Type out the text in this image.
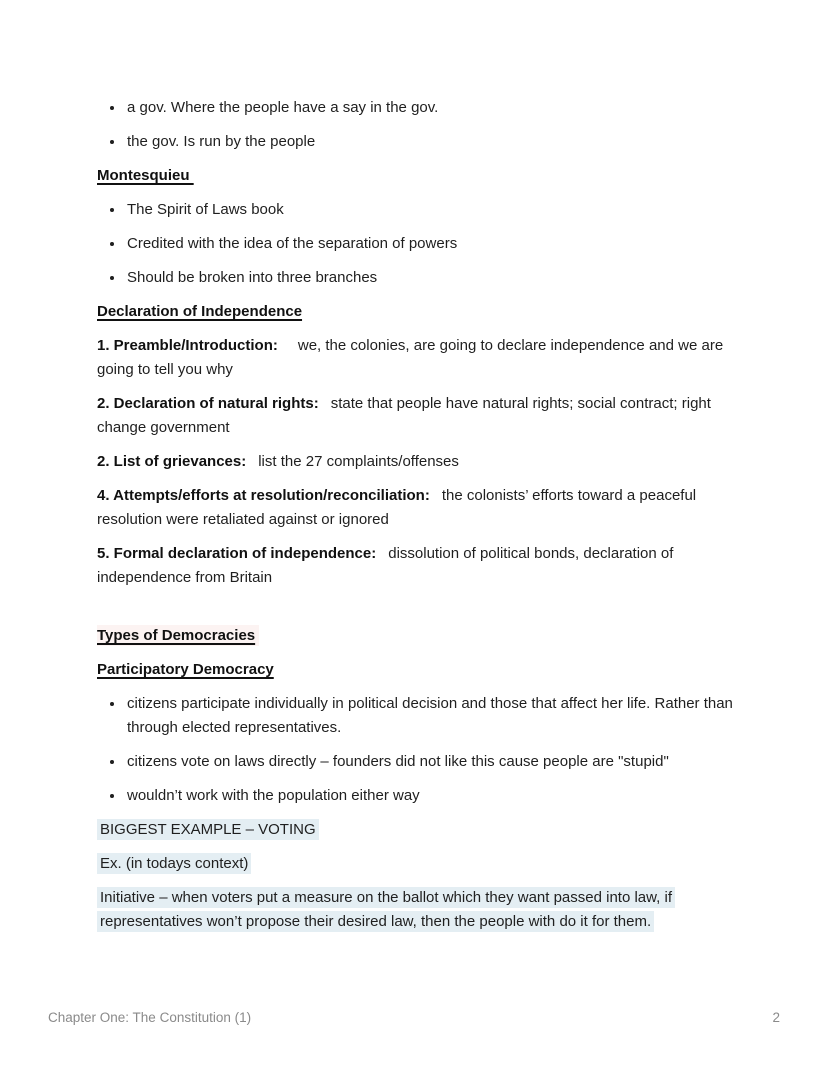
• a gov. Where the people have a say in the gov.
• the gov. Is run by the people
Montesquieu
• The Spirit of Laws book
• Credited with the idea of the separation of powers
• Should be broken into three branches
Declaration of Independence

1. Preamble/Introduction: we, the colonies, are going to declare independence and we are going to tell you why

2. Declaration of natural rights: state that people have natural rights; social contract; right change government

2. List of grievances: list the 27 complaints/offenses

4. Attempts/efforts at resolution/reconciliation: the colonists’ efforts toward a peaceful resolution were retaliated against or ignored

5. Formal declaration of independence: dissolution of political bonds, declaration of independence from Britain

Types of Democracies
Participatory Democracy
• citizens participate individually in political decision and those that affect her life. Rather than through elected representatives.
• citizens vote on laws directly – founders did not like this cause people are "stupid"
• wouldn’t work with the population either way

BIGGEST EXAMPLE – VOTING

Ex. (in todays context)

Initiative – when voters put a measure on the ballot which they want passed into law, if representatives won’t propose their desired law, then the people with do it for them.

Chapter One: The Constitution (1)	2
